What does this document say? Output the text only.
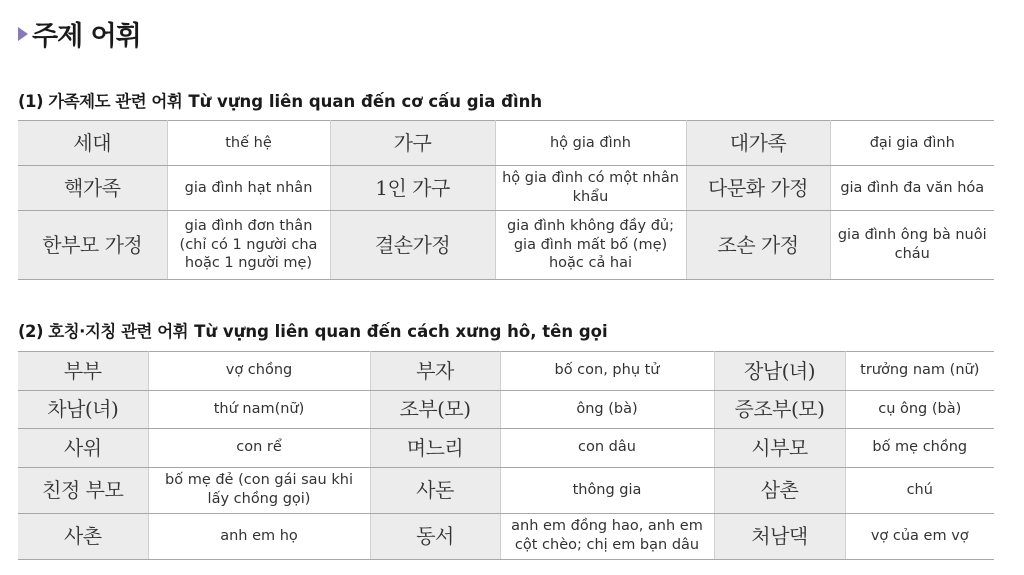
주제 어휘
(1) 가족제도 관련 어휘 Từ vựng liên quan đến cơ cấu gia đình
세대	thế hệ	가구	hộ gia đình	대가족	đại gia đình
핵가족	gia đình hạt nhân	1인 가구	hộ gia đình có một nhân khẩu	다문화 가정	gia đình đa văn hóa
한부모 가정	gia đình đơn thân (chỉ có 1 người cha hoặc 1 người mẹ)	결손가정	gia đình không đầy đủ; gia đình mất bố (mẹ) hoặc cả hai	조손 가정	gia đình ông bà nuôi cháu
(2) 호칭·지칭 관련 어휘 Từ vựng liên quan đến cách xưng hô, tên gọi
부부	vợ chồng	부자	bố con, phụ tử	장남(녀)	trưởng nam (nữ)
차남(녀)	thứ nam(nữ)	조부(모)	ông (bà)	증조부(모)	cụ ông (bà)
사위	con rể	며느리	con dâu	시부모	bố mẹ chồng
친정 부모	bố mẹ đẻ (con gái sau khi lấy chồng gọi)	사돈	thông gia	삼촌	chú
사촌	anh em họ	동서	anh em đồng hao, anh em cột chèo; chị em bạn dâu	처남댁	vợ của em vợ
